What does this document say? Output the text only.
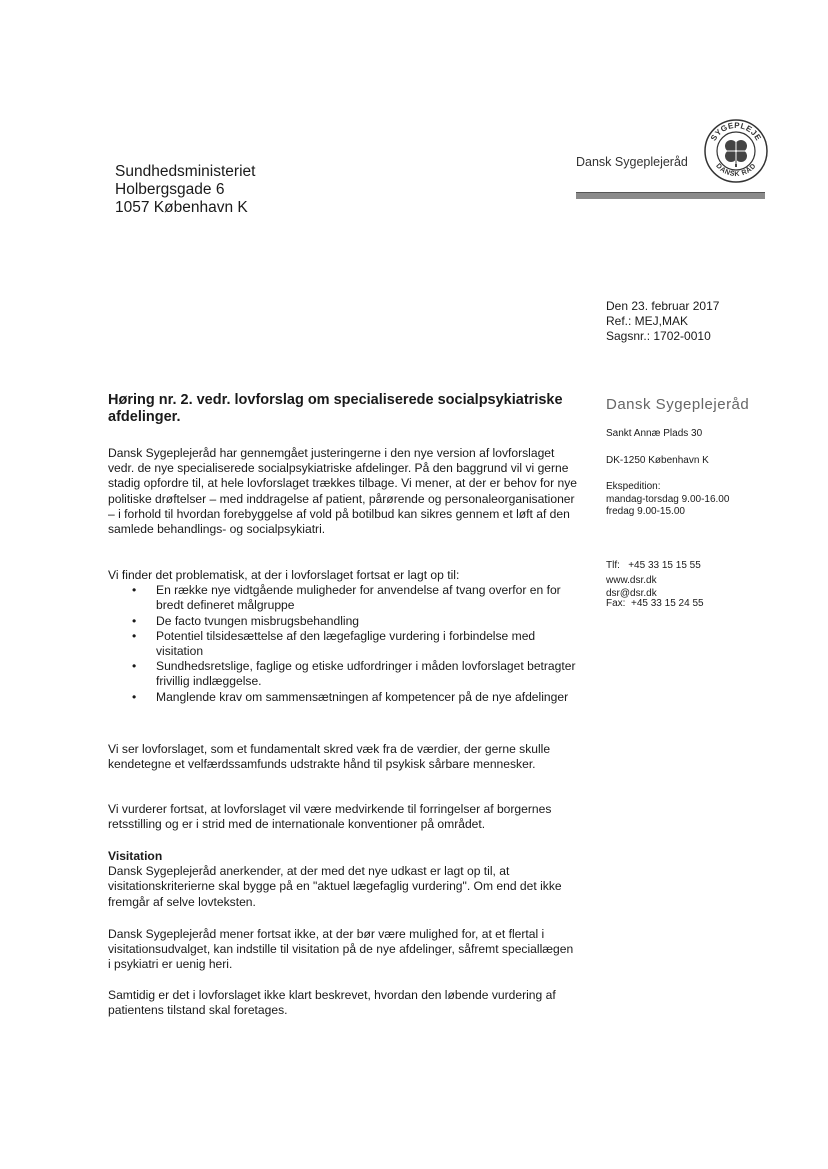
Sundhedsministeriet
Holbergsgade 6
1057 København K
Dansk Sygeplejeråd
SYGEPLEJE
DANSK RÅD
Den 23. februar 2017
Ref.: MEJ,MAK
Sagsnr.: 1702-0010
Dansk Sygeplejeråd
Sankt Annæ Plads 30
DK-1250 København K
Ekspedition:
mandag-torsdag 9.00-16.00
fredag 9.00-15.00

Tlf:   +45 33 15 15 55

Fax:  +45 33 15 24 55

www.dsr.dk
dsr@dsr.dk
Høring nr. 2. vedr. lovforslag om specialiserede socialpsykiatriske afdelinger.

Dansk Sygeplejeråd har gennemgået justeringerne i den nye version af lovforslaget vedr. de nye specialiserede socialpsykiatriske afdelinger. På den baggrund vil vi gerne stadig opfordre til, at hele lovforslaget trækkes tilbage. Vi mener, at der er behov for nye politiske drøftelser – med inddragelse af patient, pårørende og personaleorganisationer – i forhold til hvordan forebyggelse af vold på botilbud kan sikres gennem et løft af den samlede behandlings- og socialpsykiatri.

Vi finder det problematisk, at der i lovforslaget fortsat er lagt op til:

• En række nye vidtgående muligheder for anvendelse af tvang overfor en for bredt defineret målgruppe
• De facto tvungen misbrugsbehandling
• Potentiel tilsidesættelse af den lægefaglige vurdering i forbindelse med visitation
• Sundhedsretslige, faglige og etiske udfordringer i måden lovforslaget betragter frivillig indlæggelse.
• Manglende krav om sammensætningen af kompetencer på de nye afdelinger

Vi ser lovforslaget, som et fundamentalt skred væk fra de værdier, der gerne skulle kendetegne et velfærdssamfunds udstrakte hånd til psykisk sårbare mennesker.

Vi vurderer fortsat, at lovforslaget vil være medvirkende til forringelser af borgernes retsstilling og er i strid med de internationale konventioner på området.

Visitation

Dansk Sygeplejeråd anerkender, at der med det nye udkast er lagt op til, at visitationskriterierne skal bygge på en "aktuel lægefaglig vurdering". Om end det ikke fremgår af selve lovteksten.

Dansk Sygeplejeråd mener fortsat ikke, at der bør være mulighed for, at et flertal i visitationsudvalget, kan indstille til visitation på de nye afdelinger, såfremt speciallægen i psykiatri er uenig heri.

Samtidig er det i lovforslaget ikke klart beskrevet, hvordan den løbende vurdering af patientens tilstand skal foretages.
